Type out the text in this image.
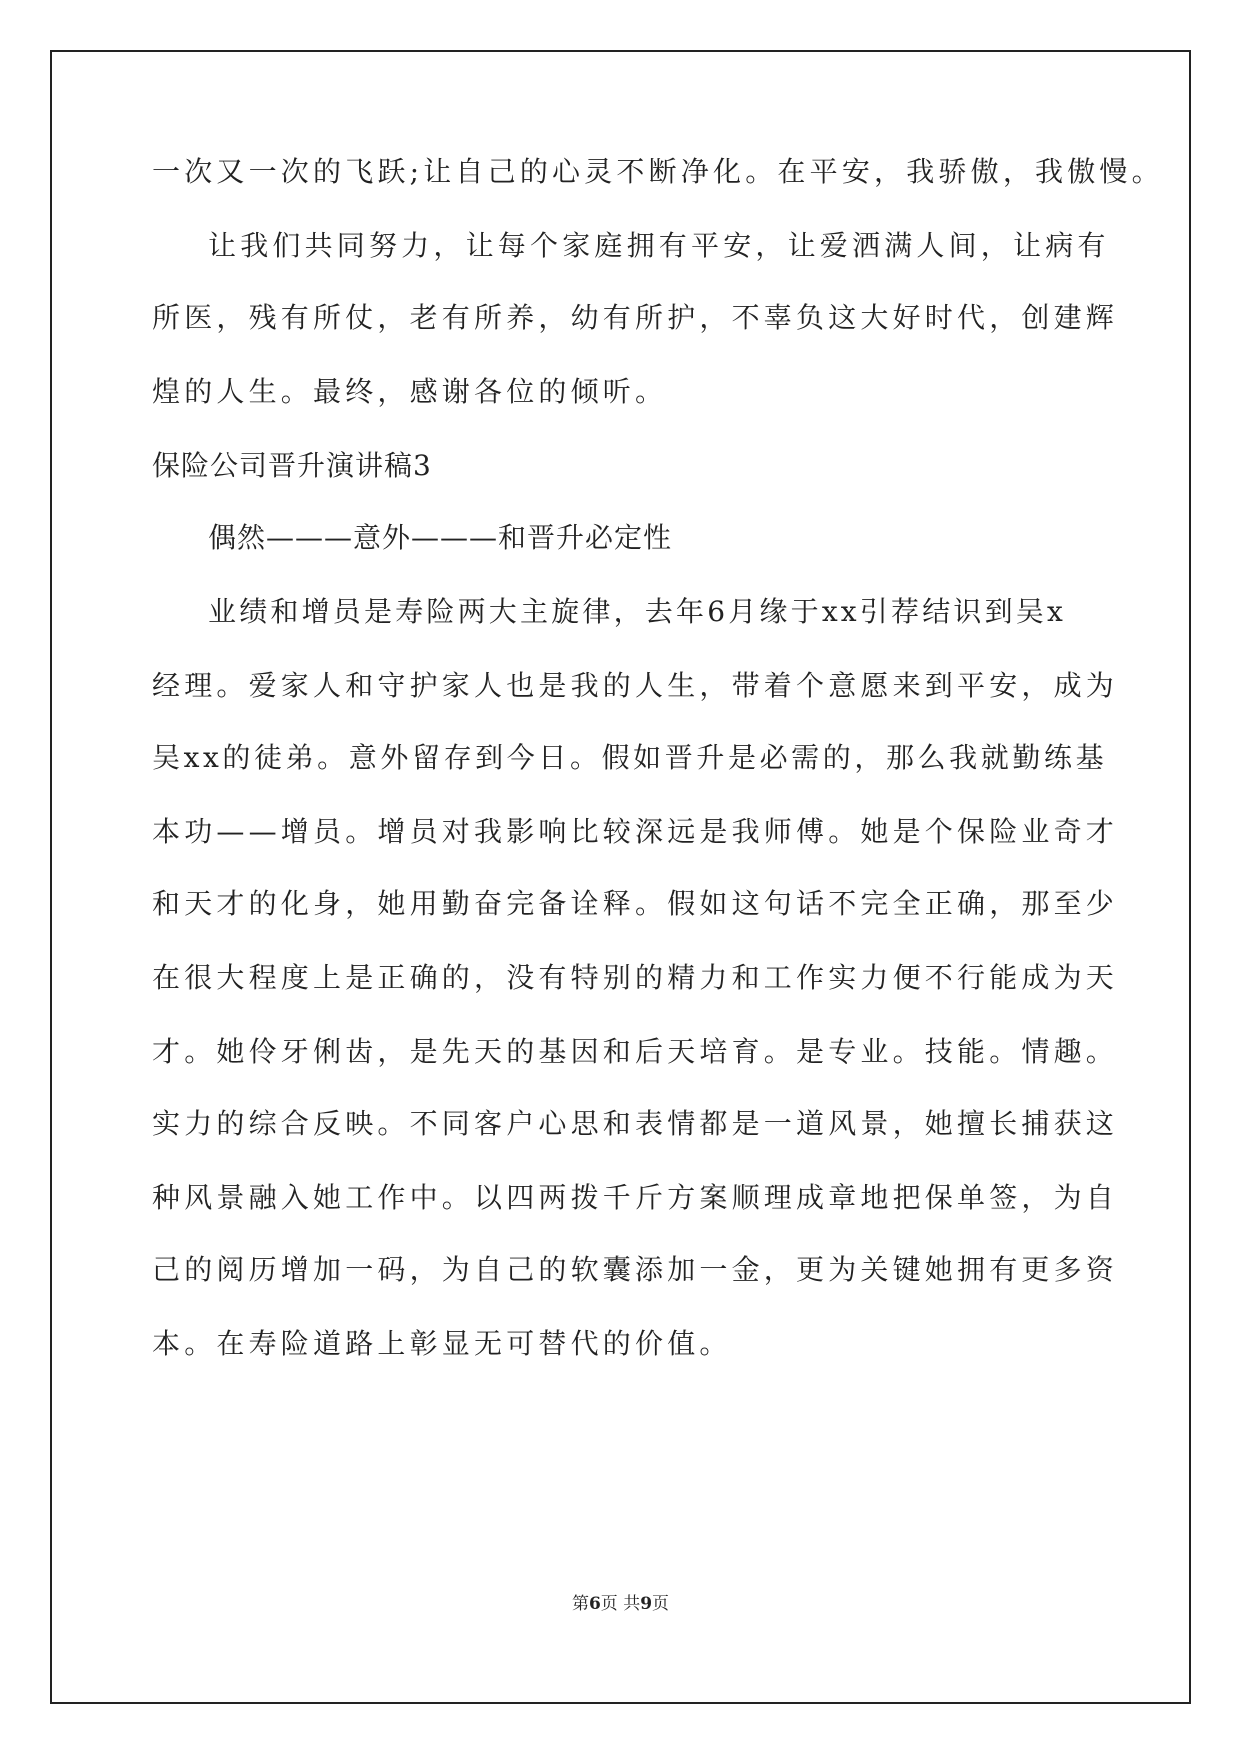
一次又一次的飞跃;让自己的心灵不断净化。在平安，我骄傲，我傲慢。
让我们共同努力，让每个家庭拥有平安，让爱洒满人间，让病有
所医，残有所仗，老有所养，幼有所护，不辜负这大好时代，创建辉
煌的人生。最终，感谢各位的倾听。
保险公司晋升演讲稿3
偶然———意外———和晋升必定性
业绩和增员是寿险两大主旋律，去年6月缘于xx引荐结识到吴x
经理。爱家人和守护家人也是我的人生，带着个意愿来到平安，成为
吴xx的徒弟。意外留存到今日。假如晋升是必需的，那么我就勤练基
本功——增员。增员对我影响比较深远是我师傅。她是个保险业奇才
和天才的化身，她用勤奋完备诠释。假如这句话不完全正确，那至少
在很大程度上是正确的，没有特别的精力和工作实力便不行能成为天
才。她伶牙俐齿，是先天的基因和后天培育。是专业。技能。情趣。
实力的综合反映。不同客户心思和表情都是一道风景，她擅长捕获这
种风景融入她工作中。以四两拨千斤方案顺理成章地把保单签，为自
己的阅历增加一码，为自己的软囊添加一金，更为关键她拥有更多资
本。在寿险道路上彰显无可替代的价值。
第6页 共9页
